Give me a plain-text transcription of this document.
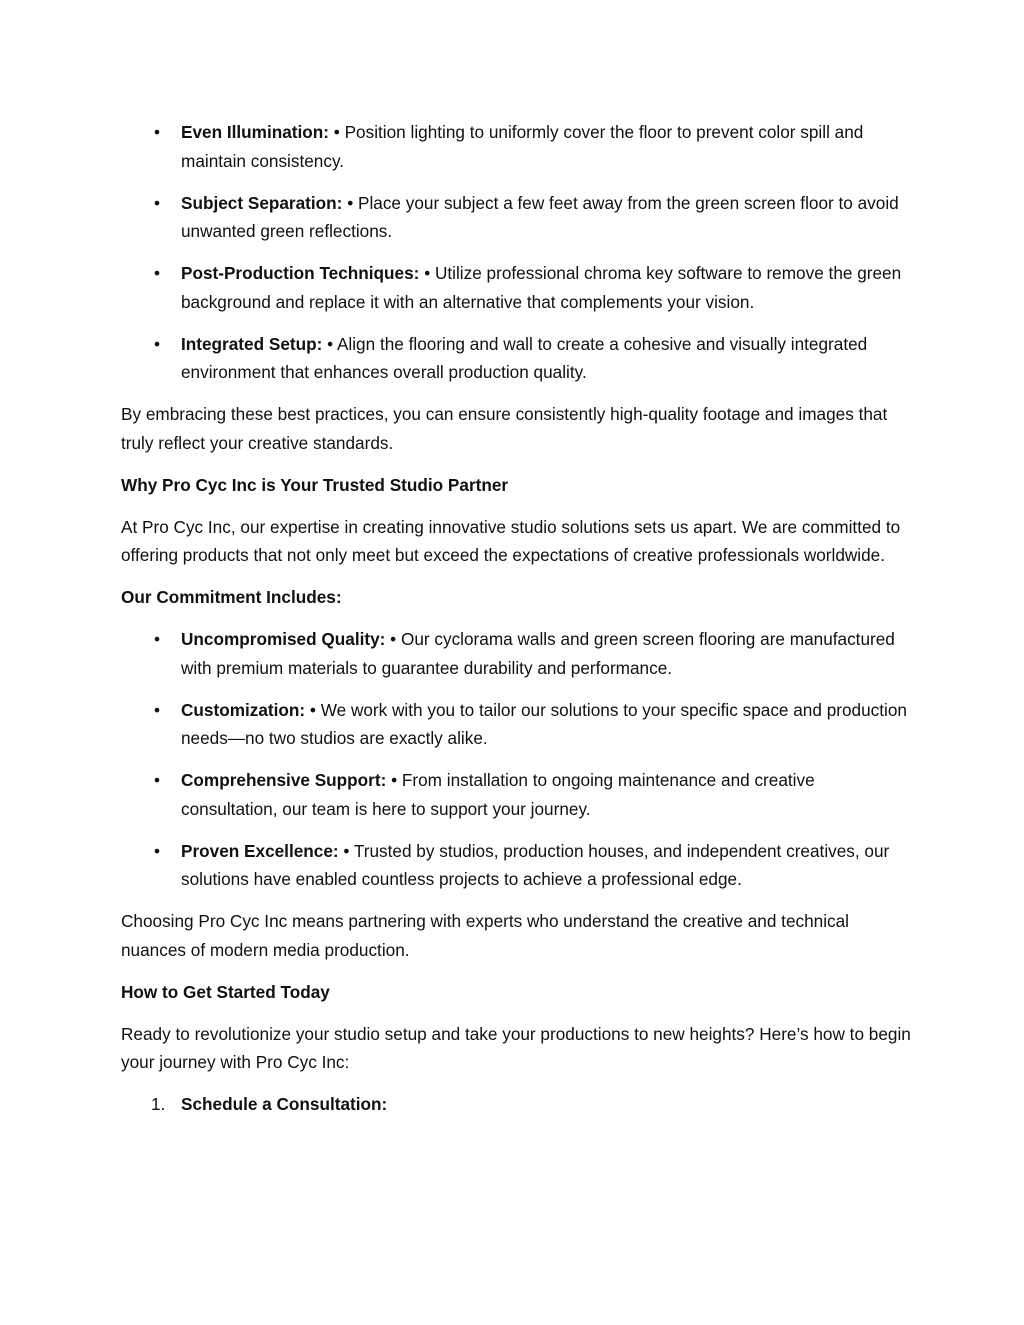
• Even Illumination: • Position lighting to uniformly cover the floor to prevent color spill and maintain consistency.
• Subject Separation: • Place your subject a few feet away from the green screen floor to avoid unwanted green reflections.
• Post-Production Techniques: • Utilize professional chroma key software to remove the green background and replace it with an alternative that complements your vision.
• Integrated Setup: • Align the flooring and wall to create a cohesive and visually integrated environment that enhances overall production quality.

By embracing these best practices, you can ensure consistently high-quality footage and images that truly reflect your creative standards.

Why Pro Cyc Inc is Your Trusted Studio Partner

At Pro Cyc Inc, our expertise in creating innovative studio solutions sets us apart. We are committed to offering products that not only meet but exceed the expectations of creative professionals worldwide.

Our Commitment Includes:

• Uncompromised Quality: • Our cyclorama walls and green screen flooring are manufactured with premium materials to guarantee durability and performance.
• Customization: • We work with you to tailor our solutions to your specific space and production needs—no two studios are exactly alike.
• Comprehensive Support: • From installation to ongoing maintenance and creative consultation, our team is here to support your journey.
• Proven Excellence: • Trusted by studios, production houses, and independent creatives, our solutions have enabled countless projects to achieve a professional edge.

Choosing Pro Cyc Inc means partnering with experts who understand the creative and technical nuances of modern media production.

How to Get Started Today

Ready to revolutionize your studio setup and take your productions to new heights? Here’s how to begin your journey with Pro Cyc Inc:

1. Schedule a Consultation:
